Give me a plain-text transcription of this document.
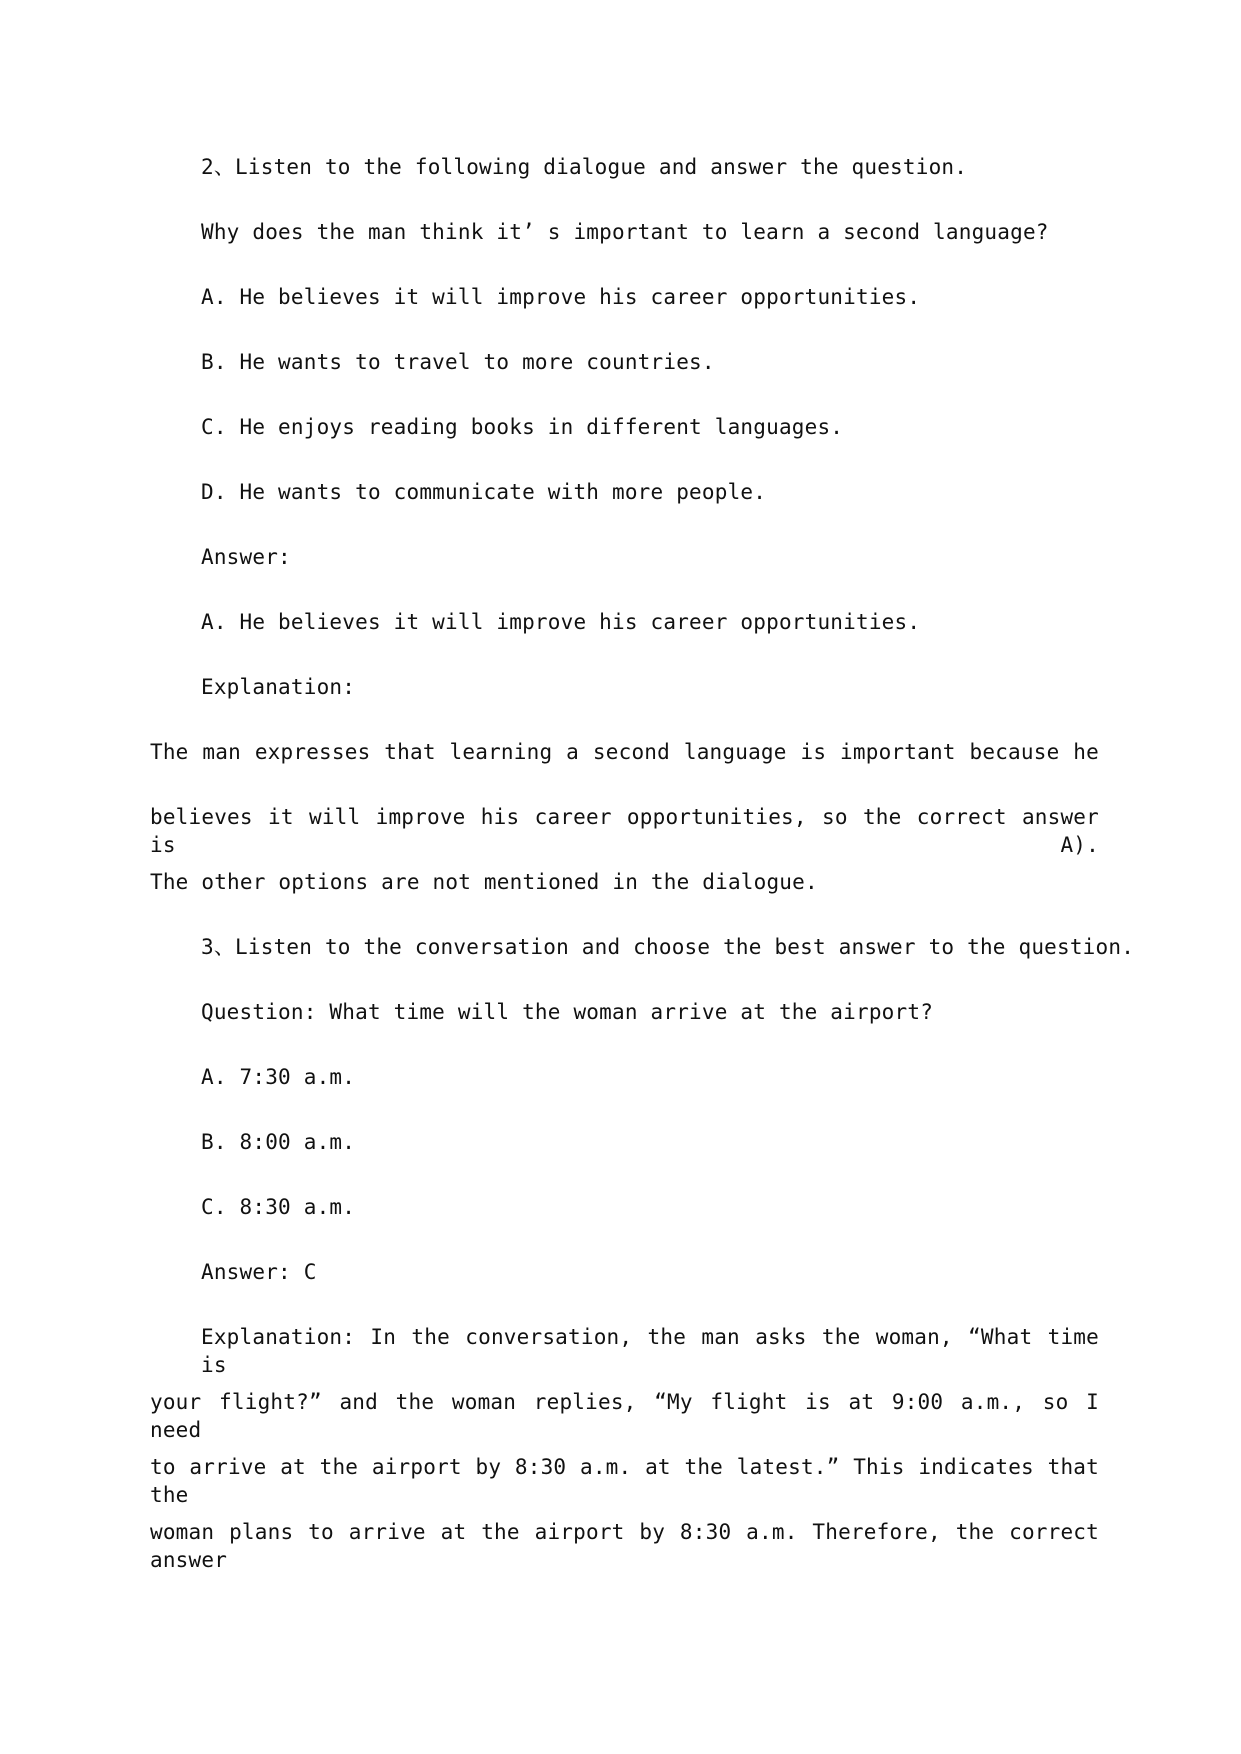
2、Listen to the following dialogue and answer the question.
Why does the man think it’ s important to learn a second language?
A. He believes it will improve his career opportunities.
B. He wants to travel to more countries.
C. He enjoys reading books in different languages.
D. He wants to communicate with more people.
Answer:
A. He believes it will improve his career opportunities.
Explanation:
The man expresses that learning a second language is important because he
believes it will improve his career opportunities, so the correct answer is A).
The other options are not mentioned in the dialogue.
3、Listen to the conversation and choose the best answer to the question.
Question: What time will the woman arrive at the airport?
A. 7:30 a.m.
B. 8:00 a.m.
C. 8:30 a.m.
Answer: C
Explanation: In the conversation, the man asks the woman, “What time is
your flight?” and the woman replies, “My flight is at 9:00 a.m., so I need
to arrive at the airport by 8:30 a.m. at the latest.” This indicates that the
woman plans to arrive at the airport by 8:30 a.m. Therefore, the correct answer
